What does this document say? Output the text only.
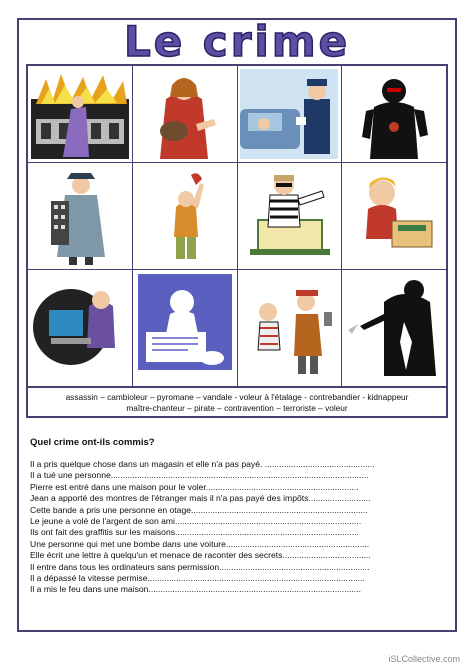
Le crime
assassin – cambioleur – pyromane – vandale - voleur à l'étalage - contrebandier - kidnappeur
maître-chanteur – pirate – contravention – terroriste – voleur
Quel crime ont-ils commis?
Il a pris quelque chose dans un magasin et elle n'a pas payé. ..............................................
Il a tué une personne............................................................................................................
Pierre est entré dans une maison pour le voler................................................................
Jean a apporté des montres de l'étranger mais il n'a pas payé des impôts..........................
Cette bande a pris une personne en otage..........................................................................
Le jeune a volé de l'argent de son ami..............................................................................
Ils ont fait des graffitis sur les maisons.............................................................................
Une personne qui met une bombe dans une voiture............................................................
Elle écrit une lettre à quelqu'un et menace de raconter des secrets.....................................
Il entre dans tous les ordinateurs sans permission...............................................................
Il a dépassé la vitesse permise...........................................................................................
Il a mis le feu dans une maison.........................................................................................
iSLCollective.com
